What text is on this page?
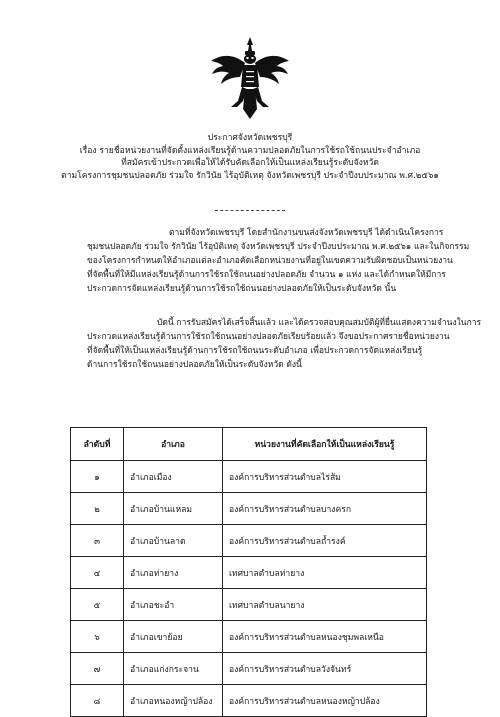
ประกาศจังหวัดเพชรบุรี
เรื่อง รายชื่อหน่วยงานที่จัดตั้งแหล่งเรียนรู้ด้านความปลอดภัยในการใช้รถใช้ถนนประจำอำเภอ
ที่สมัครเข้าประกวดเพื่อให้ได้รับคัดเลือกให้เป็นแหล่งเรียนรู้ระดับจังหวัด
ตามโครงการชุมชนปลอดภัย ร่วมใจ รักวินัย ไร้อุบัติเหตุ จังหวัดเพชรบุรี ประจำปีงบประมาณ พ.ศ.๒๕๖๑
ตามที่จังหวัดเพชรบุรี โดยสำนักงานขนส่งจังหวัดเพชรบุรี ได้ดำเนินโครงการ
ชุมชนปลอดภัย ร่วมใจ รักวินัย ไร้อุบัติเหตุ จังหวัดเพชรบุรี ประจำปีงบประมาณ พ.ศ.๒๕๖๑ และในกิจกรรม
ของโครงการกำหนดให้อำเภอแต่ละอำเภอคัดเลือกหน่วยงานที่อยู่ในเขตความรับผิดชอบเป็นหน่วยงาน
ที่จัดพื้นที่ให้มีแหล่งเรียนรู้ด้านการใช้รถใช้ถนนอย่างปลอดภัย จำนวน ๑ แห่ง และได้กำหนดให้มีการ
ประกวดการจัดแหล่งเรียนรู้ด้านการใช้รถใช้ถนนอย่างปลอดภัยให้เป็นระดับจังหวัด นั้น
บัดนี้ การรับสมัครได้เสร็จสิ้นแล้ว และได้ตรวจสอบคุณสมบัติผู้ที่ยื่นแสดงความจำนงในการ
ประกวดแหล่งเรียนรู้ด้านการใช้รถใช้ถนนอย่างปลอดภัยเรียบร้อยแล้ว จึงขอประกาศรายชื่อหน่วยงาน
ที่จัดพื้นที่ให้เป็นแหล่งเรียนรู้ด้านการใช้รถใช้ถนนระดับอำเภอ เพื่อประกวดการจัดแหล่งเรียนรู้
ด้านการใช้รถใช้ถนนอย่างปลอดภัยให้เป็นระดับจังหวัด ดังนี้
ลำดับที่	อำเภอ	หน่วยงานที่คัดเลือกให้เป็นแหล่งเรียนรู้
๑	อำเภอเมือง	องค์การบริหารส่วนตำบลไร่ส้ม
๒	อำเภอบ้านแหลม	องค์การบริหารส่วนตำบลบางครก
๓	อำเภอบ้านลาด	องค์การบริหารส่วนตำบลถ้ำรงค์
๔	อำเภอท่ายาง	เทศบาลตำบลท่ายาง
๕	อำเภอชะอำ	เทศบาลตำบลนายาง
๖	อำเภอเขาย้อย	องค์การบริหารส่วนตำบลหนองชุมพลเหนือ
๗	อำเภอแก่งกระจาน	องค์การบริหารส่วนตำบลวังจันทร์
๘	อำเภอหนองหญ้าปล้อง	องค์การบริหารส่วนตำบลหนองหญ้าปล้อง
